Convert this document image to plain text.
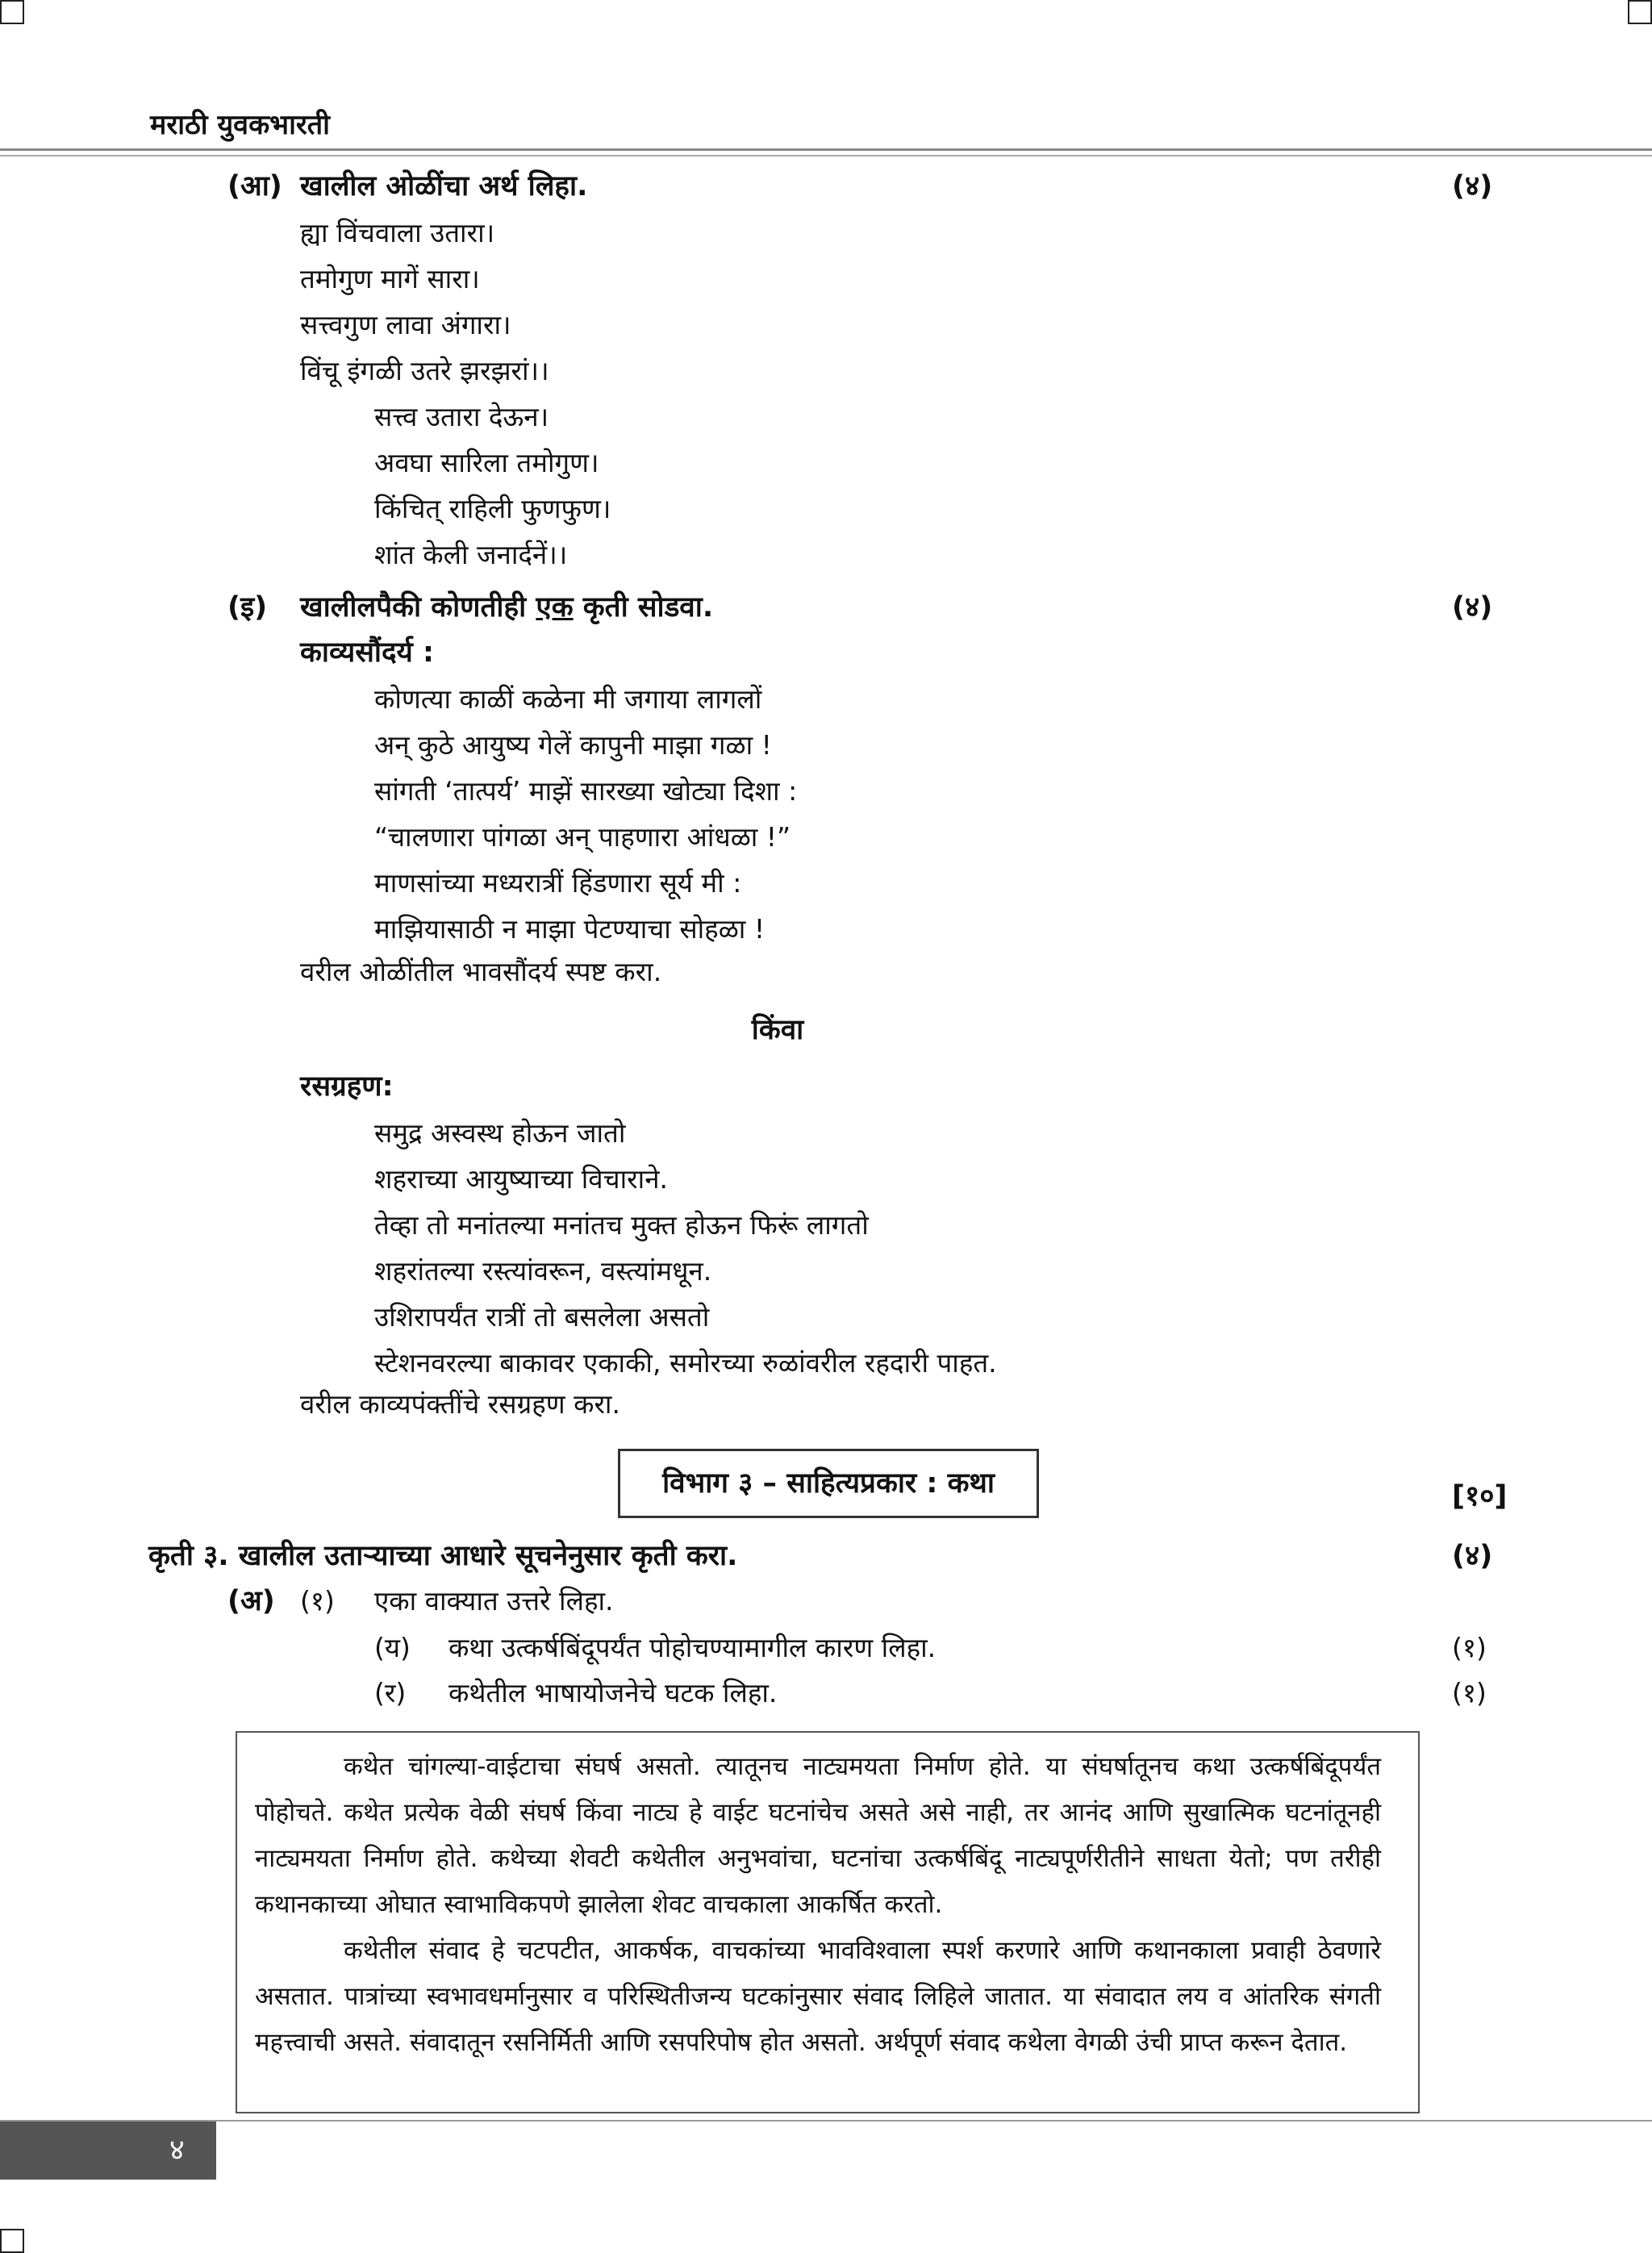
मराठी युवकभारती
(आ) खालील ओळींचा अर्थ लिहा.	(४)
ह्या विंचवाला उतारा।
तमोगुण मागें सारा।
सत्त्वगुण लावा अंगारा।
विंचू इंगळी उतरे झरझरां।।
सत्त्व उतारा देऊन।
अवघा सारिला तमोगुण।
किंचित् राहिली फुणफुण।
शांत केली जनार्दनें।।
(इ) खालीलपैकी कोणतीही एक कृती सोडवा.	(४)
काव्यसौंदर्य :
कोणत्या काळीं कळेना मी जगाया लागलों
अन् कुठे आयुष्य गेलें कापुनी माझा गळा !
सांगती ‘तात्पर्य’ माझें सारख्या खोट्या दिशा :
“चालणारा पांगळा अन् पाहणारा आंधळा !”
माणसांच्या मध्यरात्रीं हिंडणारा सूर्य मी :
माझियासाठी न माझा पेटण्याचा सोहळा !
वरील ओळींतील भावसौंदर्य स्पष्ट करा.
किंवा
रसग्रहण:
समुद्र अस्वस्थ होऊन जातो
शहराच्या आयुष्याच्या विचाराने.
तेव्हा तो मनांतल्या मनांतच मुक्त होऊन फिरूं लागतो
शहरांतल्या रस्त्यांवरून, वस्त्यांमधून.
उशिरापर्यंत रात्रीं तो बसलेला असतो
स्टेशनवरल्या बाकावर एकाकी, समोरच्या रुळांवरील रहदारी पाहत.
वरील काव्यपंक्तींचे रसग्रहण करा.
विभाग ३ – साहित्यप्रकार : कथा	[१०]
कृती ३. खालील उताऱ्याच्या आधारे सूचनेनुसार कृती करा.	(४)
(अ) (१) एका वाक्यात उत्तरे लिहा.
(य) कथा उत्कर्षबिंदूपर्यंत पोहोचण्यामागील कारण लिहा.	(१)
(र) कथेतील भाषायोजनेचे घटक लिहा.	(१)

कथेत चांगल्या-वाईटाचा संघर्ष असतो. त्यातूनच नाट्यमयता निर्माण होते. या संघर्षातूनच कथा उत्कर्षबिंदूपर्यंत पोहोचते. कथेत प्रत्येक वेळी संघर्ष किंवा नाट्य हे वाईट घटनांचेच असते असे नाही, तर आनंद आणि सुखात्मिक घटनांतूनही नाट्यमयता निर्माण होते. कथेच्या शेवटी कथेतील अनुभवांचा, घटनांचा उत्कर्षबिंदू नाट्यपूर्णरीतीने साधता येतो; पण तरीही कथानकाच्या ओघात स्वाभाविकपणे झालेला शेवट वाचकाला आकर्षित करतो.

कथेतील संवाद हे चटपटीत, आकर्षक, वाचकांच्या भावविश्वाला स्पर्श करणारे आणि कथानकाला प्रवाही ठेवणारे असतात. पात्रांच्या स्वभावधर्मानुसार व परिस्थितीजन्य घटकांनुसार संवाद लिहिले जातात. या संवादात लय व आंतरिक संगती महत्त्वाची असते. संवादातून रसनिर्मिती आणि रसपरिपोष होत असतो. अर्थपूर्ण संवाद कथेला वेगळी उंची प्राप्त करून देतात.

४
